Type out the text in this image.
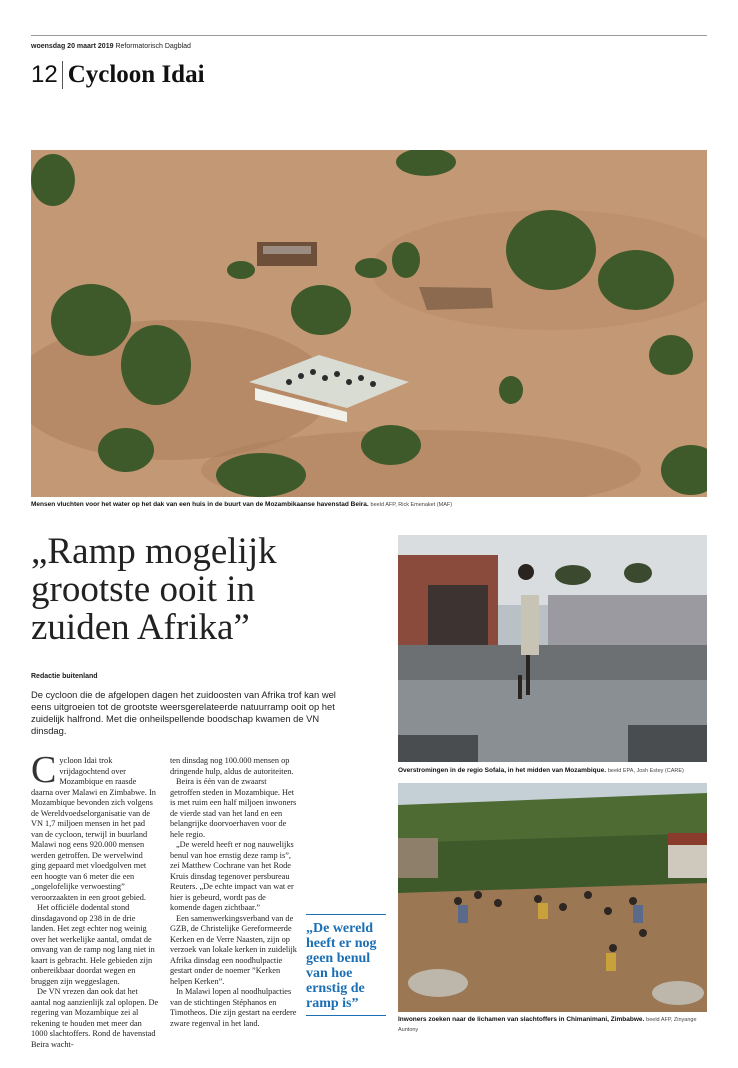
woensdag 20 maart 2019 Reformatorisch Dagblad
12 Cycloon Idai
Mensen vluchten voor het water op het dak van een huis in de buurt van de Mozambikaanse havenstad Beira. beeld AFP, Rick Emenaket (MAF)
„Ramp mogelijk grootste ooit in zuiden Afrika”
Redactie buitenland
De cycloon die de afgelopen dagen het zuidoosten van Afrika trof kan wel eens uitgroeien tot de grootste weersgerelateerde natuurramp ooit op het zuidelijk halfrond. Met die onheilspellende boodschap kwamen de VN dinsdag.

Cycloon Idai trok vrijdagochtend over Mozambique en raasde daarna over Malawi en Zimbabwe. In Mozambique bevonden zich volgens de Wereldvoedselorganisatie van de VN 1,7 miljoen mensen in het pad van de cycloon, terwijl in buurland Malawi nog eens 920.000 mensen werden getroffen. De wervelwind ging gepaard met vloedgolven met een hoogte van 6 meter die een „ongelofelijke verwoesting” veroorzaakten in een groot gebied.

Het officiële dodental stond dinsdagavond op 238 in de drie landen. Het zegt echter nog weinig over het werkelijke aantal, omdat de omvang van de ramp nog lang niet in kaart is gebracht. Hele gebieden zijn onbereikbaar doordat wegen en bruggen zijn weggeslagen.

De VN vrezen dan ook dat het aantal nog aanzienlijk zal oplopen. De regering van Mozambique zei al rekening te houden met meer dan 1000 slachtoffers. Rond de havenstad Beira wacht-

ten dinsdag nog 100.000 mensen op dringende hulp, aldus de autoriteiten.

Beira is één van de zwaarst getroffen steden in Mozambique. Het is met ruim een half miljoen inwoners de vierde stad van het land en een belangrijke doorvoerhaven voor de hele regio.

„De wereld heeft er nog nauwelijks benul van hoe ernstig deze ramp is”, zei Matthew Cochrane van het Rode Kruis dinsdag tegenover persbureau Reuters. „De echte impact van wat er hier is gebeurd, wordt pas de komende dagen zichtbaar.”

Een samenwerkingsverband van de GZB, de Christelijke Gereformeerde Kerken en de Verre Naasten, zijn op verzoek van lokale kerken in zuidelijk Afrika dinsdag een noodhulpactie gestart onder de noemer ”Kerken helpen Kerken”.

In Malawi lopen al noodhulpacties van de stichtingen Stéphanos en Timotheos. Die zijn gestart na eerdere zware regenval in het land.

„De wereld heeft er nog geen benul van hoe ernstig de ramp is”
Overstromingen in de regio Sofala, in het midden van Mozambique. beeld EPA, Josh Estey (CARE)
Inwoners zoeken naar de lichamen van slachtoffers in Chimanimani, Zimbabwe. beeld AFP, Zinyange Auntony
